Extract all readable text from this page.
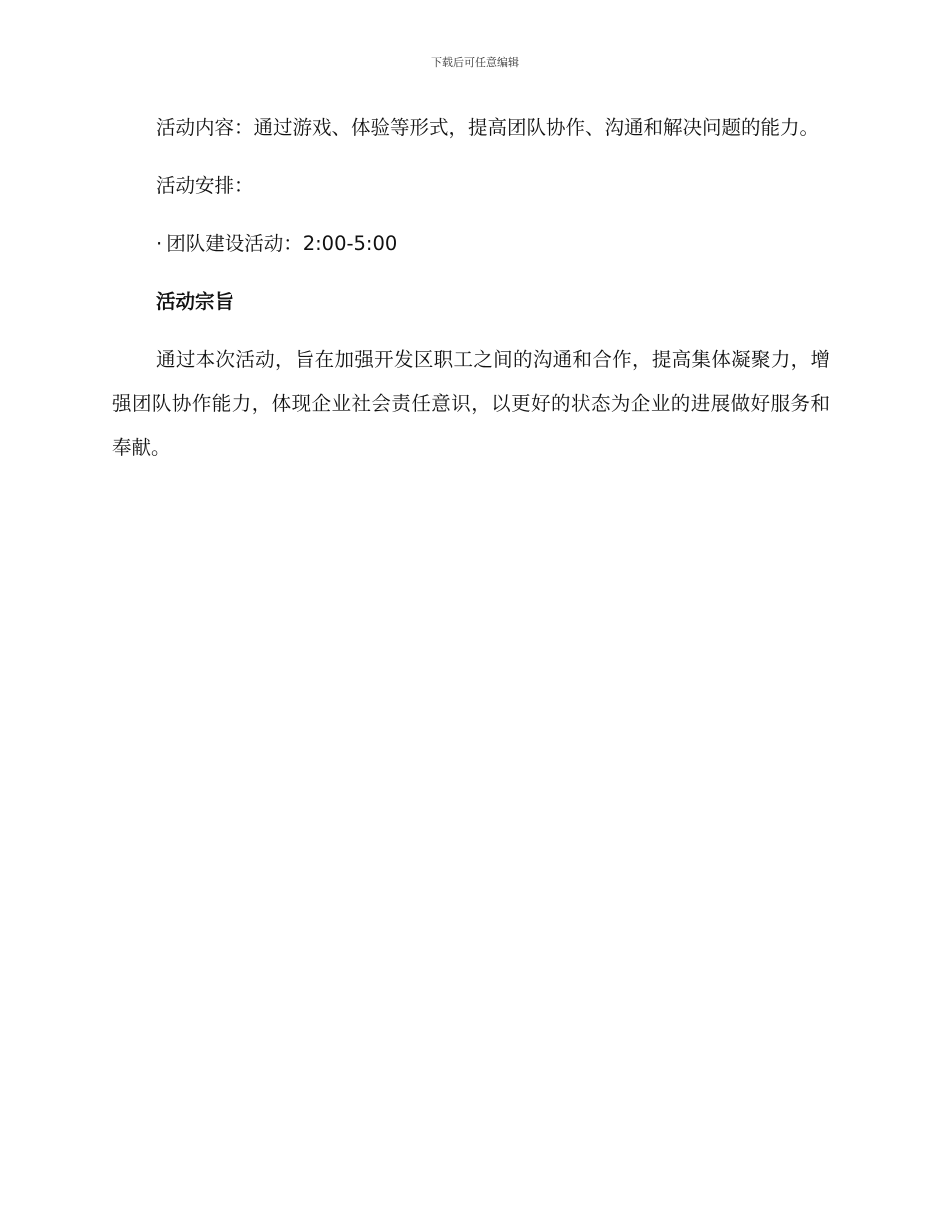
下载后可任意编辑

活动内容：通过游戏、体验等形式，提高团队协作、沟通和解决问题的能力。

活动安排：

· 团队建设活动：2:00-5:00

活动宗旨

通过本次活动，旨在加强开发区职工之间的沟通和合作，提高集体凝聚力，增强团队协作能力，体现企业社会责任意识，以更好的状态为企业的进展做好服务和奉献。
